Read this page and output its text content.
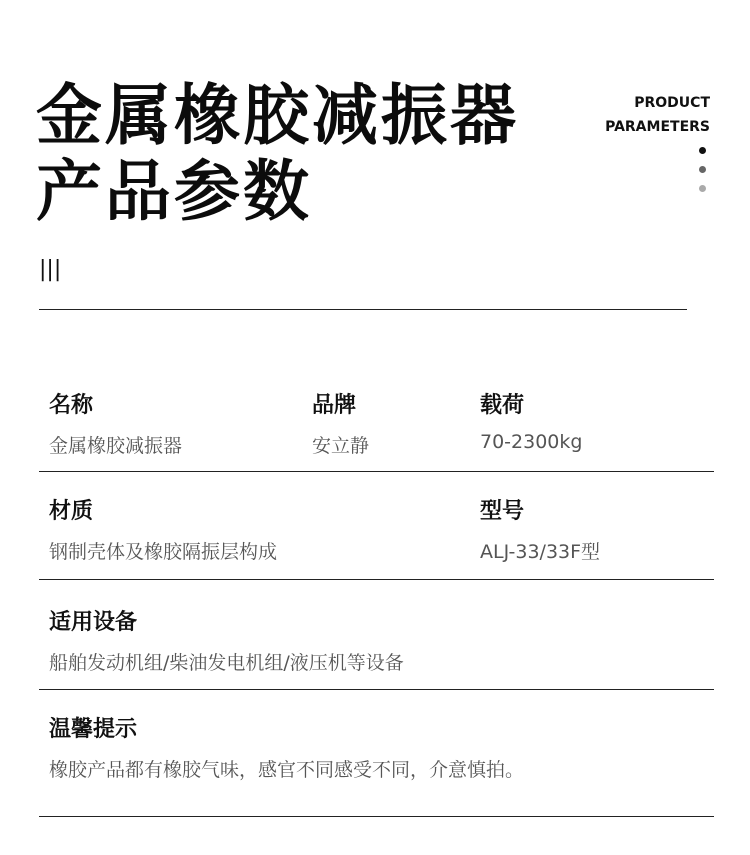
金属橡胶减振器
产品参数
PRODUCT
PARAMETERS
|||
名称
金属橡胶减振器
品牌
安立静
载荷
70-2300kg
材质
钢制壳体及橡胶隔振层构成
型号
ALJ-33/33F型
适用设备
船舶发动机组/柴油发电机组/液压机等设备
温馨提示
橡胶产品都有橡胶气味，感官不同感受不同，介意慎拍。
